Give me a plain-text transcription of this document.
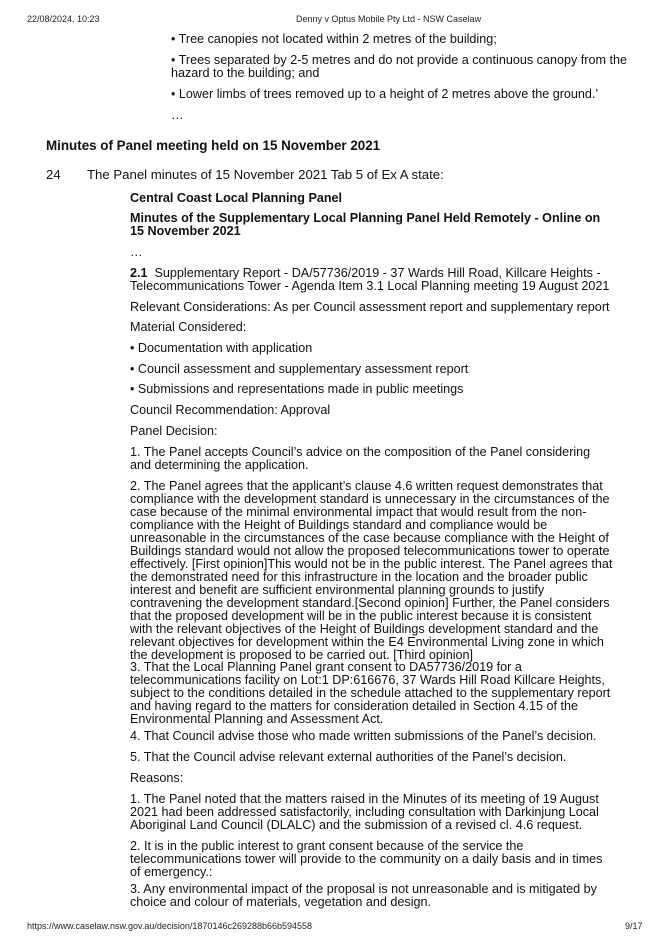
22/08/2024, 10:23	Denny v Optus Mobile Pty Ltd - NSW Caselaw
• Tree canopies not located within 2 metres of the building;
• Trees separated by 2-5 metres and do not provide a continuous canopy from the hazard to the building; and
• Lower limbs of trees removed up to a height of 2 metres above the ground.’
…
Minutes of Panel meeting held on 15 November 2021
24 The Panel minutes of 15 November 2021 Tab 5 of Ex A state:
Central Coast Local Planning Panel
Minutes of the Supplementary Local Planning Panel Held Remotely - Online on 15 November 2021
…
2.1 Supplementary Report - DA/57736/2019 - 37 Wards Hill Road, Killcare Heights - Telecommunications Tower - Agenda Item 3.1 Local Planning meeting 19 August 2021
Relevant Considerations: As per Council assessment report and supplementary report
Material Considered:
• Documentation with application
• Council assessment and supplementary assessment report
• Submissions and representations made in public meetings
Council Recommendation: Approval
Panel Decision:
1. The Panel accepts Council’s advice on the composition of the Panel considering and determining the application.
2. The Panel agrees that the applicant’s clause 4.6 written request demonstrates that compliance with the development standard is unnecessary in the circumstances of the case because of the minimal environmental impact that would result from the non-compliance with the Height of Buildings standard and compliance would be unreasonable in the circumstances of the case because compliance with the Height of Buildings standard would not allow the proposed telecommunications tower to operate effectively. [First opinion]This would not be in the public interest. The Panel agrees that the demonstrated need for this infrastructure in the location and the broader public interest and benefit are sufficient environmental planning grounds to justify contravening the development standard.[Second opinion] Further, the Panel considers that the proposed development will be in the public interest because it is consistent with the relevant objectives of the Height of Buildings development standard and the relevant objectives for development within the E4 Environmental Living zone in which the development is proposed to be carried out. [Third opinion]
3. That the Local Planning Panel grant consent to DA57736/2019 for a telecommunications facility on Lot:1 DP:616676, 37 Wards Hill Road Killcare Heights, subject to the conditions detailed in the schedule attached to the supplementary report and having regard to the matters for consideration detailed in Section 4.15 of the Environmental Planning and Assessment Act.
4. That Council advise those who made written submissions of the Panel’s decision.
5. That the Council advise relevant external authorities of the Panel’s decision.
Reasons:
1. The Panel noted that the matters raised in the Minutes of its meeting of 19 August 2021 had been addressed satisfactorily, including consultation with Darkinjung Local Aboriginal Land Council (DLALC) and the submission of a revised cl. 4.6 request.
2. It is in the public interest to grant consent because of the service the telecommunications tower will provide to the community on a daily basis and in times of emergency.:
3. Any environmental impact of the proposal is not unreasonable and is mitigated by choice and colour of materials, vegetation and design.
https://www.caselaw.nsw.gov.au/decision/1870146c269288b66b594558	9/17
